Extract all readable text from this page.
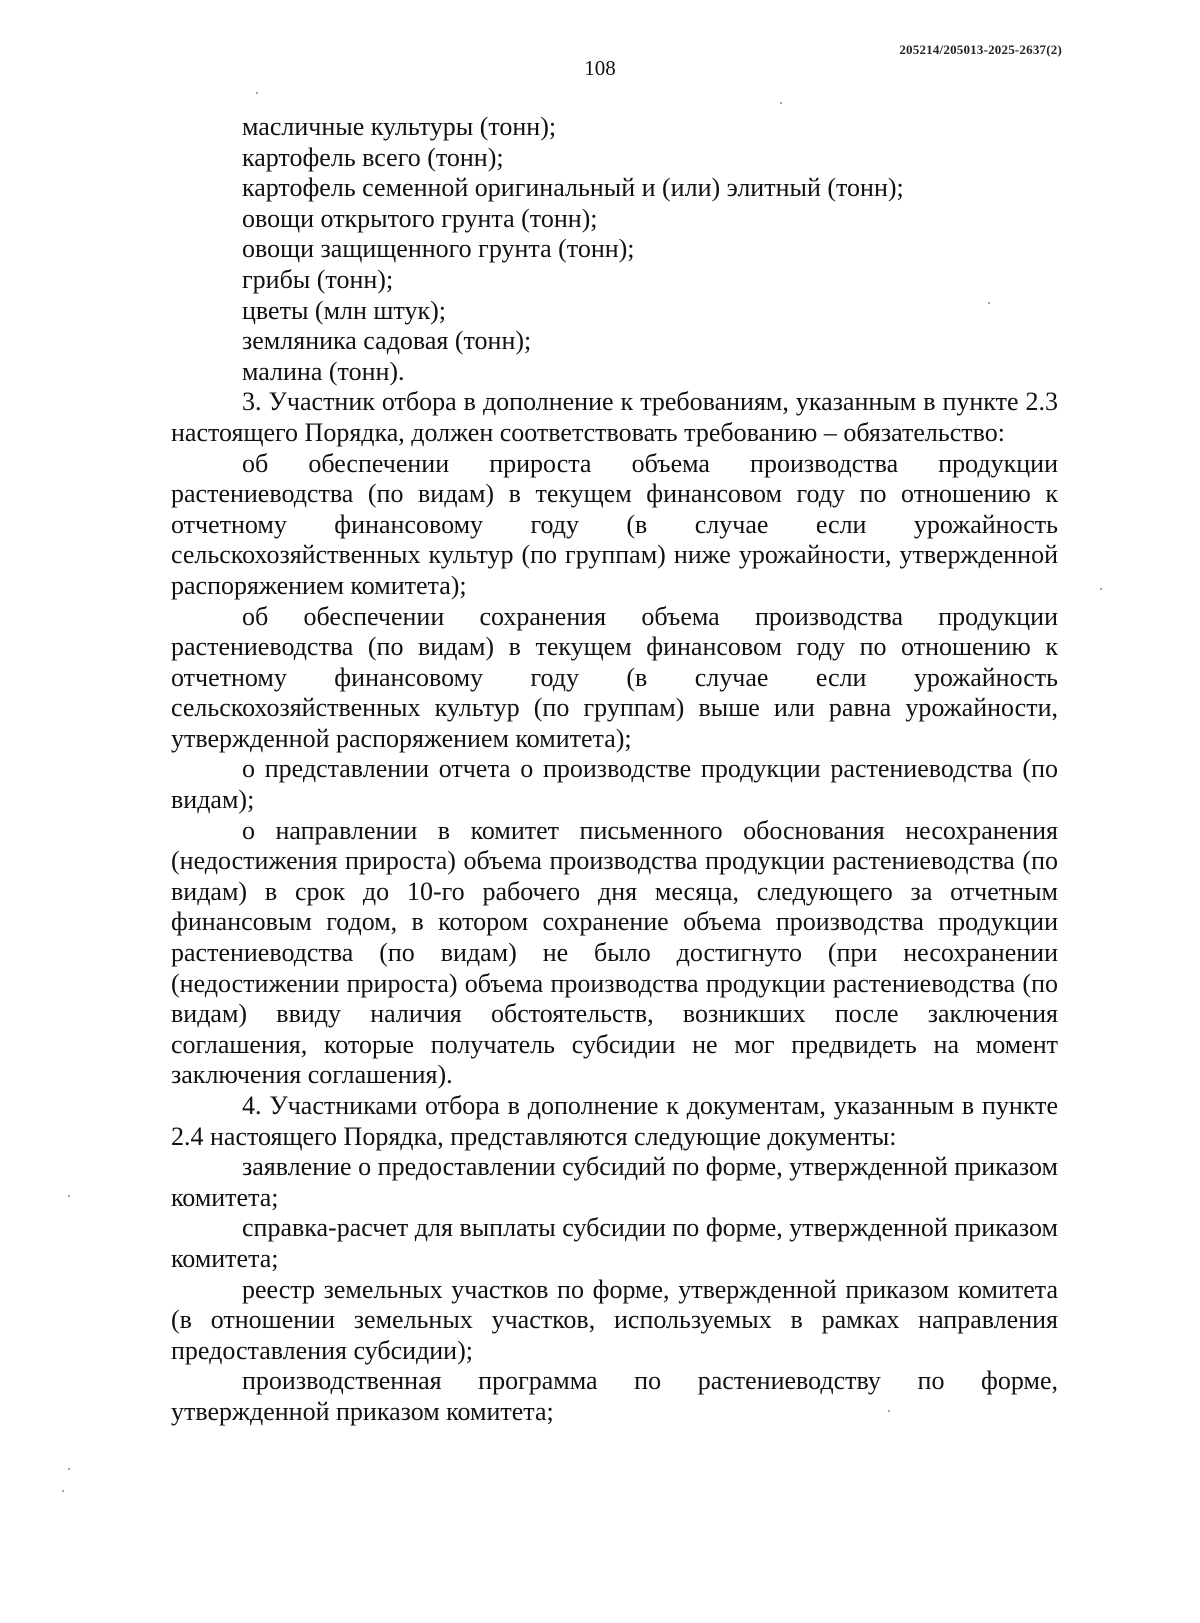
205214/205013-2025-2637(2)
108

масличные культуры (тонн);

картофель всего (тонн);

картофель семенной оригинальный и (или) элитный (тонн);

овощи открытого грунта (тонн);

овощи защищенного грунта (тонн);

грибы (тонн);

цветы (млн штук);

земляника садовая (тонн);

малина (тонн).

3. Участник отбора в дополнение к требованиям, указанным в пункте 2.3 настоящего Порядка, должен соответствовать требованию – обязательство:

об обеспечении прироста объема производства продукции растениеводства (по видам) в текущем финансовом году по отношению к отчетному финансовому году (в случае если урожайность сельскохозяйственных культур (по группам) ниже урожайности, утвержденной распоряжением комитета);

об обеспечении сохранения объема производства продукции растениеводства (по видам) в текущем финансовом году по отношению к отчетному финансовому году (в случае если урожайность сельскохозяйственных культур (по группам) выше или равна урожайности, утвержденной распоряжением комитета);

о представлении отчета о производстве продукции растениеводства (по видам);

о направлении в комитет письменного обоснования несохранения (недостижения прироста) объема производства продукции растениеводства (по видам) в срок до 10-го рабочего дня месяца, следующего за отчетным финансовым годом, в котором сохранение объема производства продукции растениеводства (по видам) не было достигнуто (при несохранении (недостижении прироста) объема производства продукции растениеводства (по видам) ввиду наличия обстоятельств, возникших после заключения соглашения, которые получатель субсидии не мог предвидеть на момент заключения соглашения).

4. Участниками отбора в дополнение к документам, указанным в пункте 2.4 настоящего Порядка, представляются следующие документы:

заявление о предоставлении субсидий по форме, утвержденной приказом комитета;

справка-расчет для выплаты субсидии по форме, утвержденной приказом комитета;

реестр земельных участков по форме, утвержденной приказом комитета (в отношении земельных участков, используемых в рамках направления предоставления субсидии);

производственная программа по растениеводству по форме, утвержденной приказом комитета;
